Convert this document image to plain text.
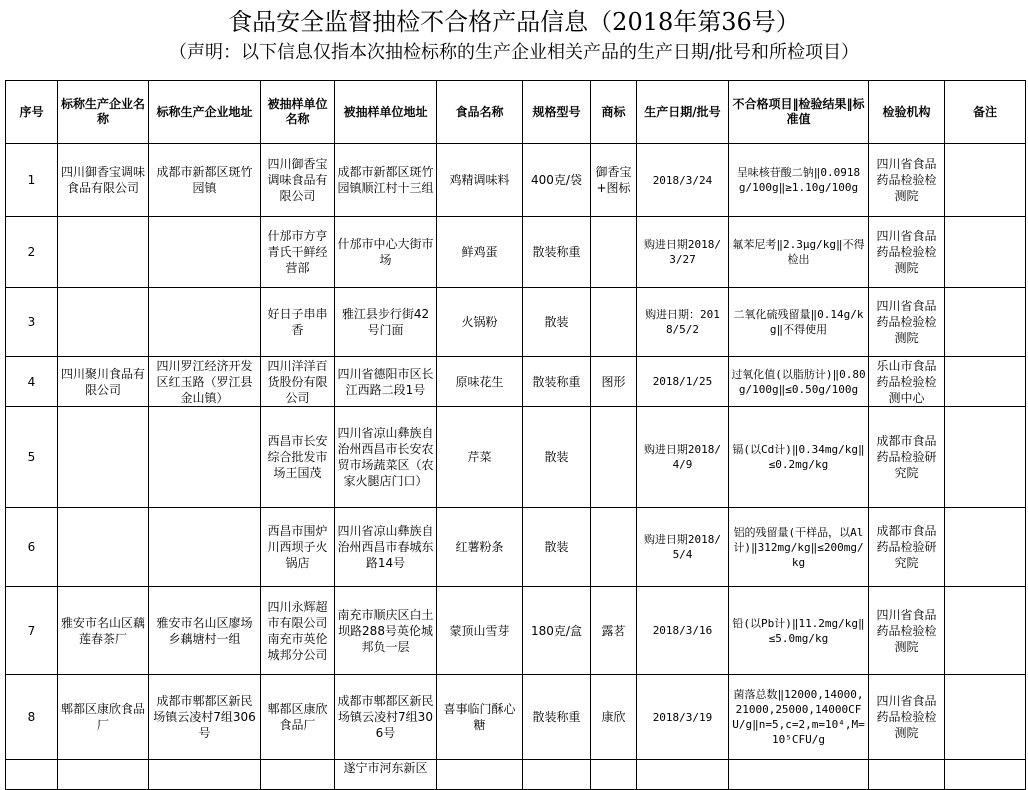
食品安全监督抽检不合格产品信息（2018年第36号）
（声明：以下信息仅指本次抽检标称的生产企业相关产品的生产日期/批号和所检项目）
序号	标称生产企业名称	标称生产企业地址	被抽样单位名称	被抽样单位地址	食品名称	规格型号	商标	生产日期/批号	不合格项目‖检验结果‖标准值	检验机构	备注
1	四川御香宝调味食品有限公司	成都市新都区斑竹园镇	四川御香宝调味食品有限公司	成都市新都区斑竹园镇顺江村十三组	鸡精调味料	400克/袋	御香宝+图标	2018/3/24	呈味核苷酸二钠‖0.0918g/100g‖≥1.10g/100g	四川省食品药品检验检测院	
2			什邡市方亨青氏干鲜经营部	什邡市中心大街市场	鲜鸡蛋	散装称重		购进日期2018/3/27	氟苯尼考‖2.3μg/kg‖不得检出	四川省食品药品检验检测院	
3			好日子串串香	雅江县步行街42号门面	火锅粉	散装		购进日期：2018/5/2	二氧化硫残留量‖0.14g/kg‖不得使用	四川省食品药品检验检测院	
4	四川聚川食品有限公司	四川罗江经济开发区红玉路（罗江县金山镇）	四川洋洋百货股份有限公司	四川省德阳市区长江西路二段1号	原味花生	散装称重	图形	2018/1/25	过氧化值(以脂肪计)‖0.80g/100g‖≤0.50g/100g	乐山市食品药品检验检测中心	
5			西昌市长安综合批发市场王国茂	四川省凉山彝族自治州西昌市长安农贸市场蔬菜区（农家火腿店门口）	芹菜	散装		购进日期2018/4/9	镉(以Cd计)‖0.34mg/kg‖≤0.2mg/kg	成都市食品药品检验研究院	
6			西昌市围炉川西坝子火锅店	四川省凉山彝族自治州西昌市春城东路14号	红薯粉条	散装		购进日期2018/5/4	铝的残留量(干样品，以Al计)‖312mg/kg‖≤200mg/kg	成都市食品药品检验研究院	
7	雅安市名山区藕莲春茶厂	雅安市名山区廖场乡藕塘村一组	四川永辉超市有限公司南充市英伦城邦分公司	南充市顺庆区白土坝路288号英伦城邦负一层	蒙顶山雪芽	180克/盒	露茗	2018/3/16	铅(以Pb计)‖11.2mg/kg‖≤5.0mg/kg	四川省食品药品检验检测院	
8	郫都区康欣食品厂	成都市郫都区新民场镇云凌村7组306号	郫都区康欣食品厂	成都市郫都区新民场镇云凌村7组306号	喜事临门酥心糖	散装称重	康欣	2018/3/19	菌落总数‖12000,14000,21000,25000,14000CFU/g‖n=5,c=2,m=10⁴,M=10⁵CFU/g	四川省食品药品检验检测院	
				遂宁市河东新区							
